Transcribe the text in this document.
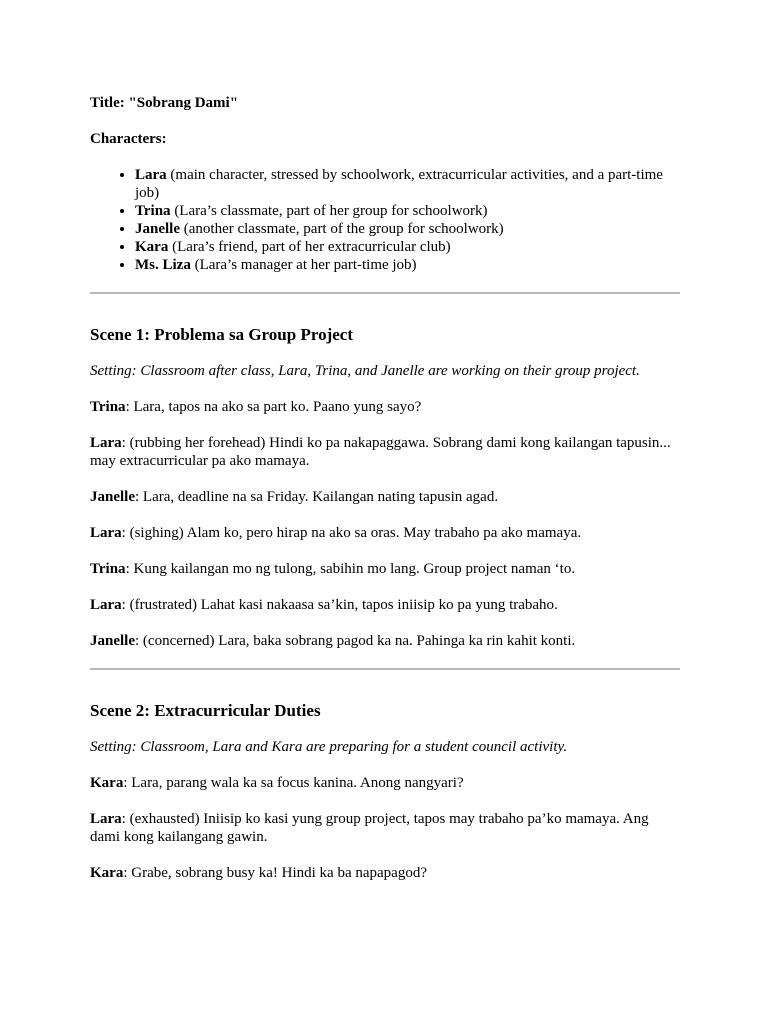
Title: "Sobrang Dami"

Characters:

• Lara (main character, stressed by schoolwork, extracurricular activities, and a part-time job)
• Trina (Lara’s classmate, part of her group for schoolwork)
• Janelle (another classmate, part of the group for schoolwork)
• Kara (Lara’s friend, part of her extracurricular club)
• Ms. Liza (Lara’s manager at her part-time job)
Scene 1: Problema sa Group Project

Setting: Classroom after class, Lara, Trina, and Janelle are working on their group project.

Trina: Lara, tapos na ako sa part ko. Paano yung sayo?

Lara: (rubbing her forehead) Hindi ko pa nakapaggawa. Sobrang dami kong kailangan tapusin... may extracurricular pa ako mamaya.

Janelle: Lara, deadline na sa Friday. Kailangan nating tapusin agad.

Lara: (sighing) Alam ko, pero hirap na ako sa oras. May trabaho pa ako mamaya.

Trina: Kung kailangan mo ng tulong, sabihin mo lang. Group project naman ‘to.

Lara: (frustrated) Lahat kasi nakaasa sa’kin, tapos iniisip ko pa yung trabaho.

Janelle: (concerned) Lara, baka sobrang pagod ka na. Pahinga ka rin kahit konti.

Scene 2: Extracurricular Duties

Setting: Classroom, Lara and Kara are preparing for a student council activity.

Kara: Lara, parang wala ka sa focus kanina. Anong nangyari?

Lara: (exhausted) Iniisip ko kasi yung group project, tapos may trabaho pa’ko mamaya. Ang dami kong kailangang gawin.

Kara: Grabe, sobrang busy ka! Hindi ka ba napapagod?
